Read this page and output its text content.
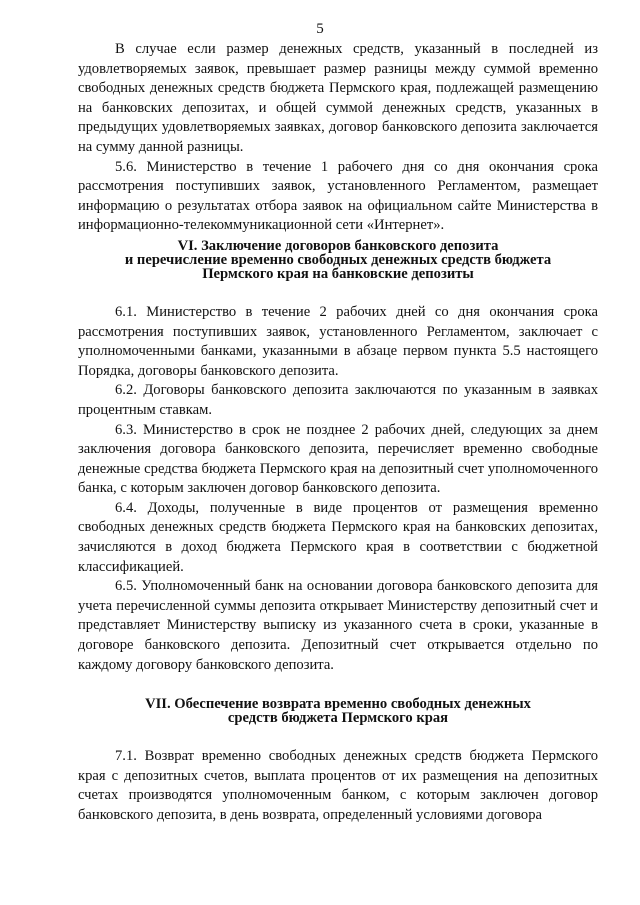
5

В случае если размер денежных средств, указанный в последней из удовлетворяемых заявок, превышает размер разницы между суммой временно свободных денежных средств бюджета Пермского края, подлежащей размещению на банковских депозитах, и общей суммой денежных средств, указанных в предыдущих удовлетворяемых заявках, договор банковского депозита заключается на сумму данной разницы.

5.6. Министерство в течение 1 рабочего дня со дня окончания срока рассмотрения поступивших заявок, установленного Регламентом, размещает информацию о результатах отбора заявок на официальном сайте Министерства в информационно-телекоммуникационной сети «Интернет».

VI. Заключение договоров банковского депозита

и перечисление временно свободных денежных средств бюджета

Пермского края на банковские депозиты

6.1. Министерство в течение 2 рабочих дней со дня окончания срока рассмотрения поступивших заявок, установленного Регламентом, заключает с уполномоченными банками, указанными в абзаце первом пункта 5.5 настоящего Порядка, договоры банковского депозита.

6.2. Договоры банковского депозита заключаются по указанным в заявках процентным ставкам.

6.3. Министерство в срок не позднее 2 рабочих дней, следующих за днем заключения договора банковского депозита, перечисляет временно свободные денежные средства бюджета Пермского края на депозитный счет уполномоченного банка, с которым заключен договор банковского депозита.

6.4. Доходы, полученные в виде процентов от размещения временно свободных денежных средств бюджета Пермского края на банковских депозитах, зачисляются в доход бюджета Пермского края в соответствии с бюджетной классификацией.

6.5. Уполномоченный банк на основании договора банковского депозита для учета перечисленной суммы депозита открывает Министерству депозитный счет и представляет Министерству выписку из указанного счета в сроки, указанные в договоре банковского депозита. Депозитный счет открывается отдельно по каждому договору банковского депозита.

VII. Обеспечение возврата временно свободных денежных

средств бюджета Пермского края

7.1. Возврат временно свободных денежных средств бюджета Пермского края с депозитных счетов, выплата процентов от их размещения на депозитных счетах производятся уполномоченным банком, с которым заключен договор банковского депозита, в день возврата, определенный условиями договора
